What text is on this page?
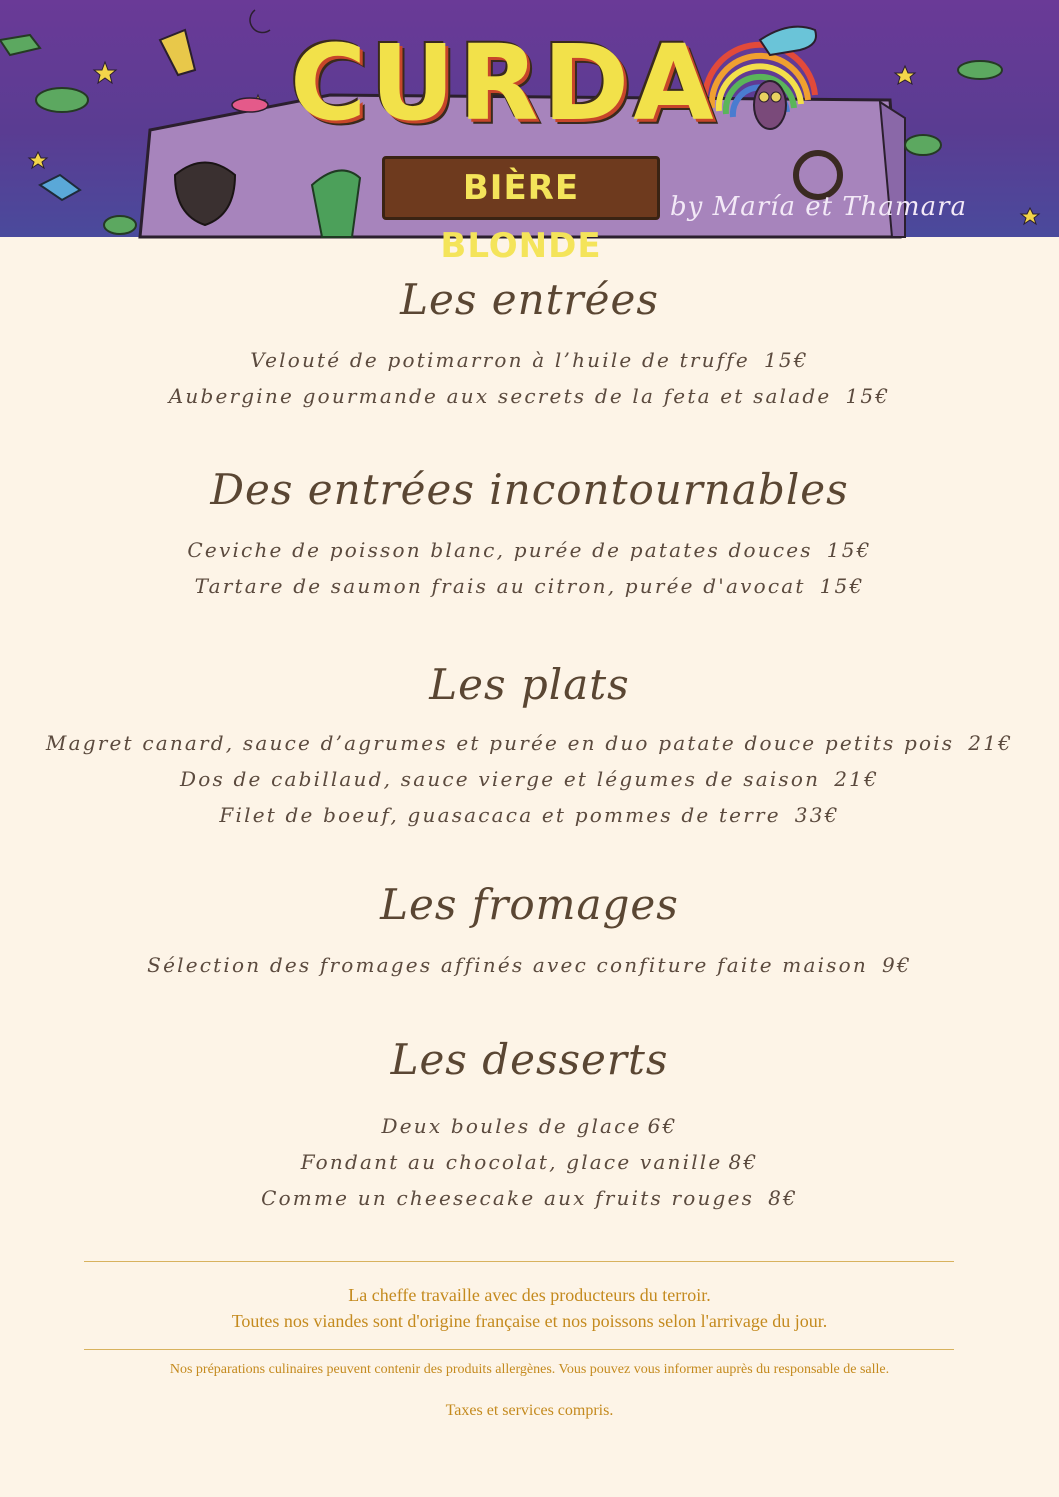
CURDA
BIÈRE BLONDE
by María et Thamara
Les entrées
Velouté de potimarron à l’huile de truffe 15€
Aubergine gourmande aux secrets de la feta et salade 15€
Des entrées incontournables
Ceviche de poisson blanc, purée de patates douces 15€
Tartare de saumon frais au citron, purée d'avocat 15€
Les plats
Magret canard, sauce d’agrumes et purée en duo patate douce petits pois 21€
Dos de cabillaud, sauce vierge et légumes de saison 21€
Filet de boeuf, guasacaca et pommes de terre 33€
Les fromages
Sélection des fromages affinés avec confiture faite maison 9€
Les desserts
Deux boules de glace 6€
Fondant au chocolat, glace vanille 8€
Comme un cheesecake aux fruits rouges 8€
La cheffe travaille avec des producteurs du terroir.
Toutes nos viandes sont d'origine française et nos poissons selon l'arrivage du jour.
Nos préparations culinaires peuvent contenir des produits allergènes. Vous pouvez vous informer auprès du responsable de salle.
Taxes et services compris.
